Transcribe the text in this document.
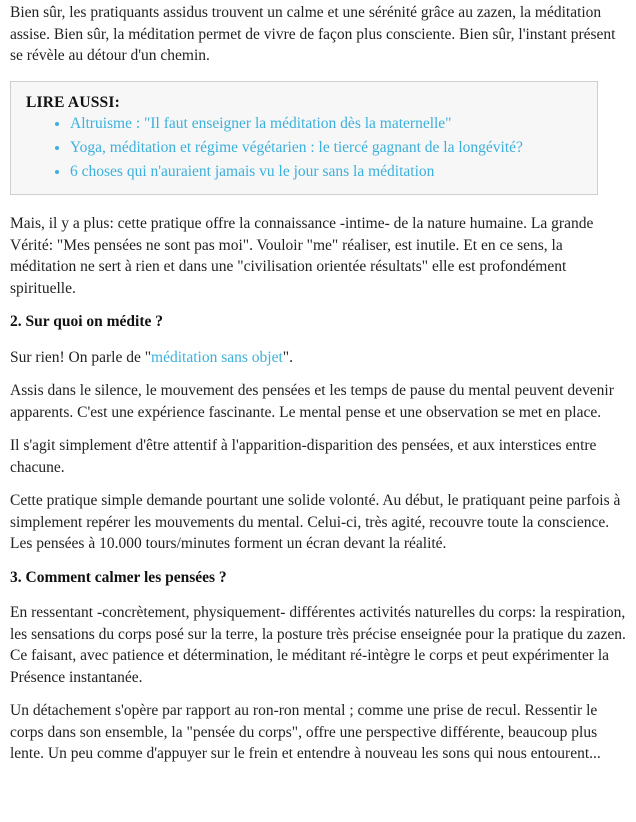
Bien sûr, les pratiquants assidus trouvent un calme et une sérénité grâce au zazen, la méditation assise. Bien sûr, la méditation permet de vivre de façon plus consciente. Bien sûr, l'instant présent se révèle au détour d'un chemin.

LIRE AUSSI:
• Altruisme : "Il faut enseigner la méditation dès la maternelle"
• Yoga, méditation et régime végétarien : le tiercé gagnant de la longévité?
• 6 choses qui n'auraient jamais vu le jour sans la méditation

Mais, il y a plus: cette pratique offre la connaissance -intime- de la nature humaine. La grande Vérité: "Mes pensées ne sont pas moi". Vouloir "me" réaliser, est inutile. Et en ce sens, la méditation ne sert à rien et dans une "civilisation orientée résultats" elle est profondément spirituelle.

2. Sur quoi on médite ?

Sur rien! On parle de "méditation sans objet".

Assis dans le silence, le mouvement des pensées et les temps de pause du mental peuvent devenir apparents. C'est une expérience fascinante. Le mental pense et une observation se met en place.

Il s'agit simplement d'être attentif à l'apparition-disparition des pensées, et aux interstices entre chacune.

Cette pratique simple demande pourtant une solide volonté. Au début, le pratiquant peine parfois à simplement repérer les mouvements du mental. Celui-ci, très agité, recouvre toute la conscience. Les pensées à 10.000 tours/minutes forment un écran devant la réalité.

3. Comment calmer les pensées ?

En ressentant -concrètement, physiquement- différentes activités naturelles du corps: la respiration, les sensations du corps posé sur la terre, la posture très précise enseignée pour la pratique du zazen. Ce faisant, avec patience et détermination, le méditant ré-intègre le corps et peut expérimenter la Présence instantanée.

Un détachement s'opère par rapport au ron-ron mental ; comme une prise de recul. Ressentir le corps dans son ensemble, la "pensée du corps", offre une perspective différente, beaucoup plus lente. Un peu comme d'appuyer sur le frein et entendre à nouveau les sons qui nous entourent...
